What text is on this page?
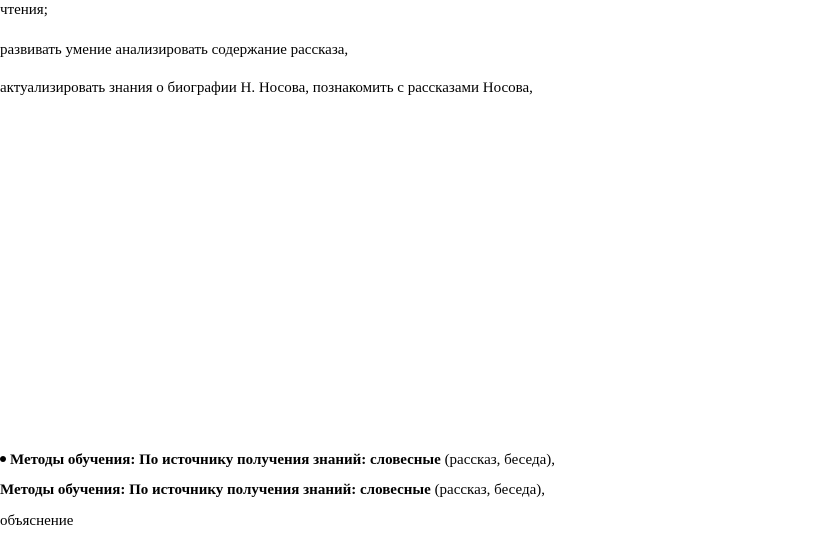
чтения;
развивать умение анализировать содержание рассказа,
актуализировать знания о биографии Н. Носова, познакомить с рассказами Носова,
Методы обучения: По источнику получения знаний: словесные (рассказ, беседа),
Методы обучения: По источнику получения знаний: словесные (рассказ, беседа),
объяснение
